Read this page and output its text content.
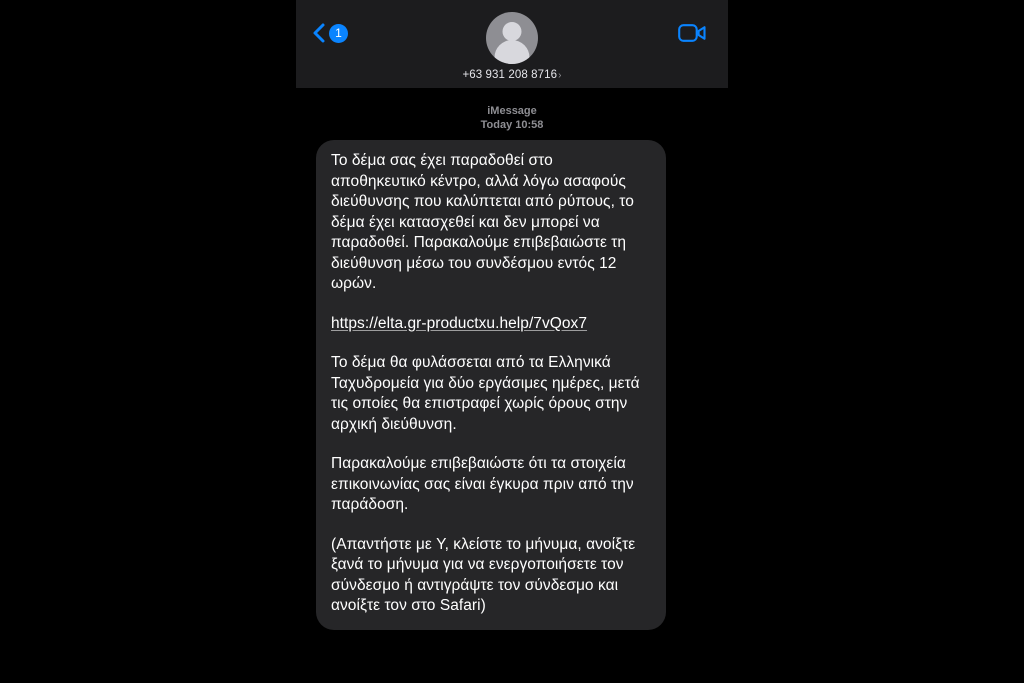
1
+63 931 208 8716›
iMessage
Today 10:58

Το δέμα σας έχει παραδοθεί στο αποθηκευτικό κέντρο, αλλά λόγω ασαφούς διεύθυνσης που καλύπτεται από ρύπους, το δέμα έχει κατασχεθεί και δεν μπορεί να παραδοθεί. Παρακαλούμε επιβεβαιώστε τη διεύθυνση μέσω του συνδέσμου εντός 12 ωρών.

https://elta.gr-productxu.help/7vQox7

Το δέμα θα φυλάσσεται από τα Ελληνικά Ταχυδρομεία για δύο εργάσιμες ημέρες, μετά τις οποίες θα επιστραφεί χωρίς όρους στην αρχική διεύθυνση.

Παρακαλούμε επιβεβαιώστε ότι τα στοιχεία επικοινωνίας σας είναι έγκυρα πριν από την παράδοση.

(Απαντήστε με Y, κλείστε το μήνυμα, ανοίξτε ξανά το μήνυμα για να ενεργοποιήσετε τον σύνδεσμο ή αντιγράψτε τον σύνδεσμο και ανοίξτε τον στο Safari)
